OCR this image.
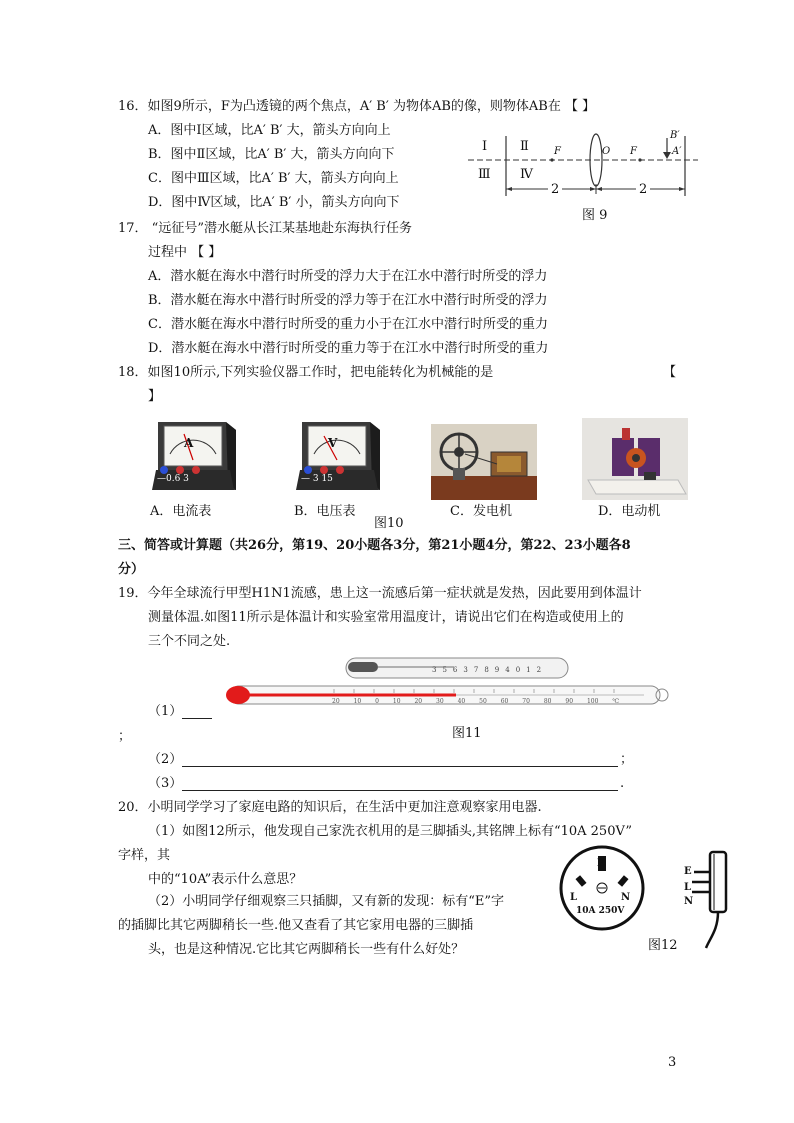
16．如图9所示，F为凸透镜的两个焦点，A′ B′ 为物体AB的像，则物体AB在 【 】
A．图中Ⅰ区域，比A′ B′ 大，箭头方向向上
B．图中Ⅱ区域，比A′ B′ 大，箭头方向向下
C．图中Ⅲ区域，比A′ B′ 大，箭头方向向上
D．图中Ⅳ区域，比A′ B′ 小，箭头方向向下
Ⅰ	Ⅱ
Ⅲ Ⅳ
F	O F
B′
A′
2	2
图 9
17． “远征号”潜水艇从长江某基地赴东海执行任务
过程中 【 】
A．潜水艇在海水中潜行时所受的浮力大于在江水中潜行时所受的浮力
B．潜水艇在海水中潜行时所受的浮力等于在江水中潜行时所受的浮力
C．潜水艇在海水中潜行时所受的重力小于在江水中潜行时所受的重力
D．潜水艇在海水中潜行时所受的重力等于在江水中潜行时所受的重力
18．如图10所示,下列实验仪器工作时，把电能转化为机械能的是	【
】
A
—0.6 3
V
— 3 15
A．电流表	B．电压表
图10
C．发电机	D．电动机
三、简答或计算题（共26分，第19、20小题各3分，第21小题4分，第22、23小题各8
分）
19．今年全球流行甲型H1N1流感，患上这一流感后第一症状就是发热，因此要用到体温计
测量体温.如图11所示是体温计和实验室常用温度计，请说出它们在构造或使用上的
三个不同之处.
35637894012
20 10 0 10 20 30 40 50 60 70 80 90 100 ℃
（1）
图11
；
（2）	；
（3）	.
20．小明同学学习了家庭电路的知识后，在生活中更加注意观察家用电器.
（1）如图12所示，他发现自己家洗衣机用的是三脚插头,其铭牌上标有“10A 250V”
字样，其
中的“10A”表示什么意思？
（2）小明同学仔细观察三只插脚，又有新的发现：标有“E”字
的插脚比其它两脚稍长一些.他又查看了其它家用电器的三脚插
头，也是这种情况.它比其它两脚稍长一些有什么好处？
E
L	N
10A 250V
E
L
N
图12
3
